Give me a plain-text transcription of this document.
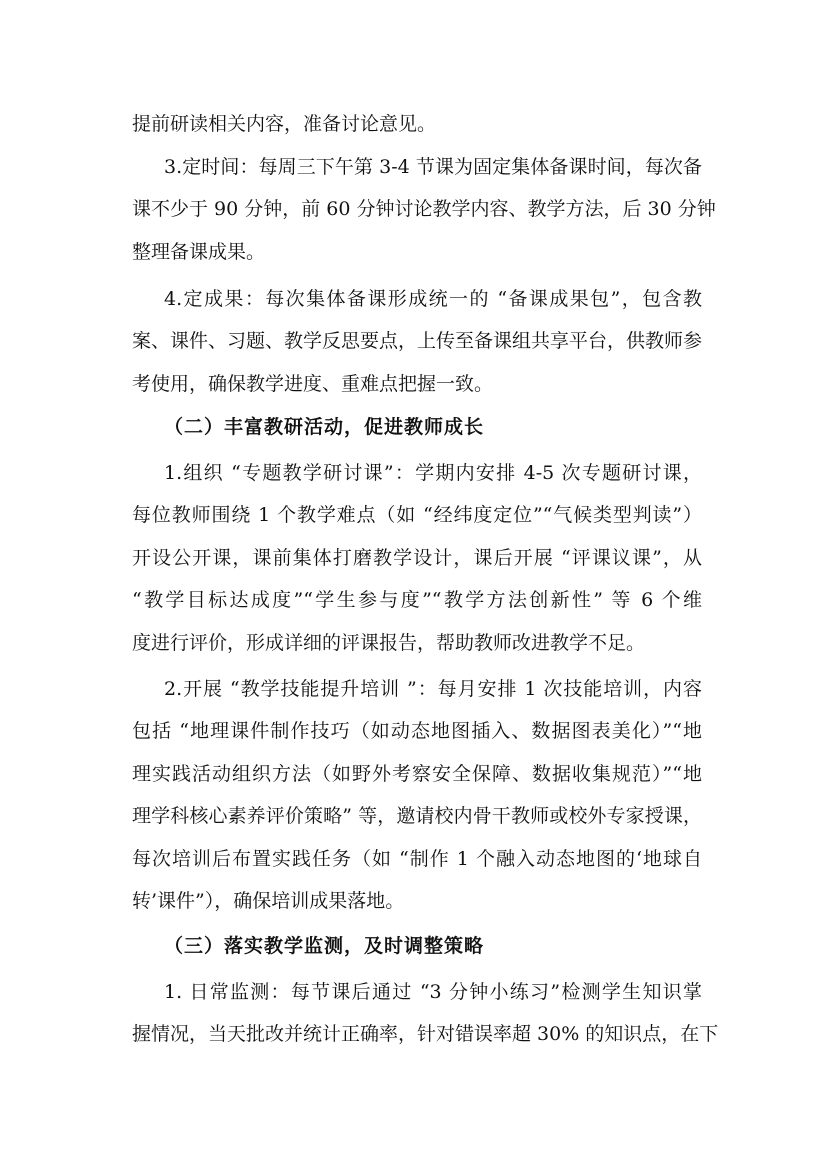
提前研读相关内容，准备讨论意见。
3.定时间：每周三下午第 3-4 节课为固定集体备课时间，每次备
课不少于 90 分钟，前 60 分钟讨论教学内容、教学方法，后 30 分钟
整理备课成果。
4.定成果：每次集体备课形成统一的 “备课成果包”，包含教
案、课件、习题、教学反思要点，上传至备课组共享平台，供教师参
考使用，确保教学进度、重难点把握一致。
（二）丰富教研活动，促进教师成长
1.组织 “专题教学研讨课”：学期内安排 4-5 次专题研讨课，
每位教师围绕 1 个教学难点（如 “经纬度定位”“气候类型判读”）
开设公开课，课前集体打磨教学设计，课后开展 “评课议课”，从
“教学目标达成度”“学生参与度”“教学方法创新性” 等 6 个维
度进行评价，形成详细的评课报告，帮助教师改进教学不足。
2.开展 “教学技能提升培训 ”：每月安排 1 次技能培训，内容
包括 “地理课件制作技巧（如动态地图插入、数据图表美化）”“地
理实践活动组织方法（如野外考察安全保障、数据收集规范）”“地
理学科核心素养评价策略” 等，邀请校内骨干教师或校外专家授课，
每次培训后布置实践任务（如 “制作 1 个融入动态地图的‘地球自
转’课件”），确保培训成果落地。
（三）落实教学监测，及时调整策略
1. 日常监测：每节课后通过 “3 分钟小练习”检测学生知识掌
握情况，当天批改并统计正确率，针对错误率超 30% 的知识点，在下
